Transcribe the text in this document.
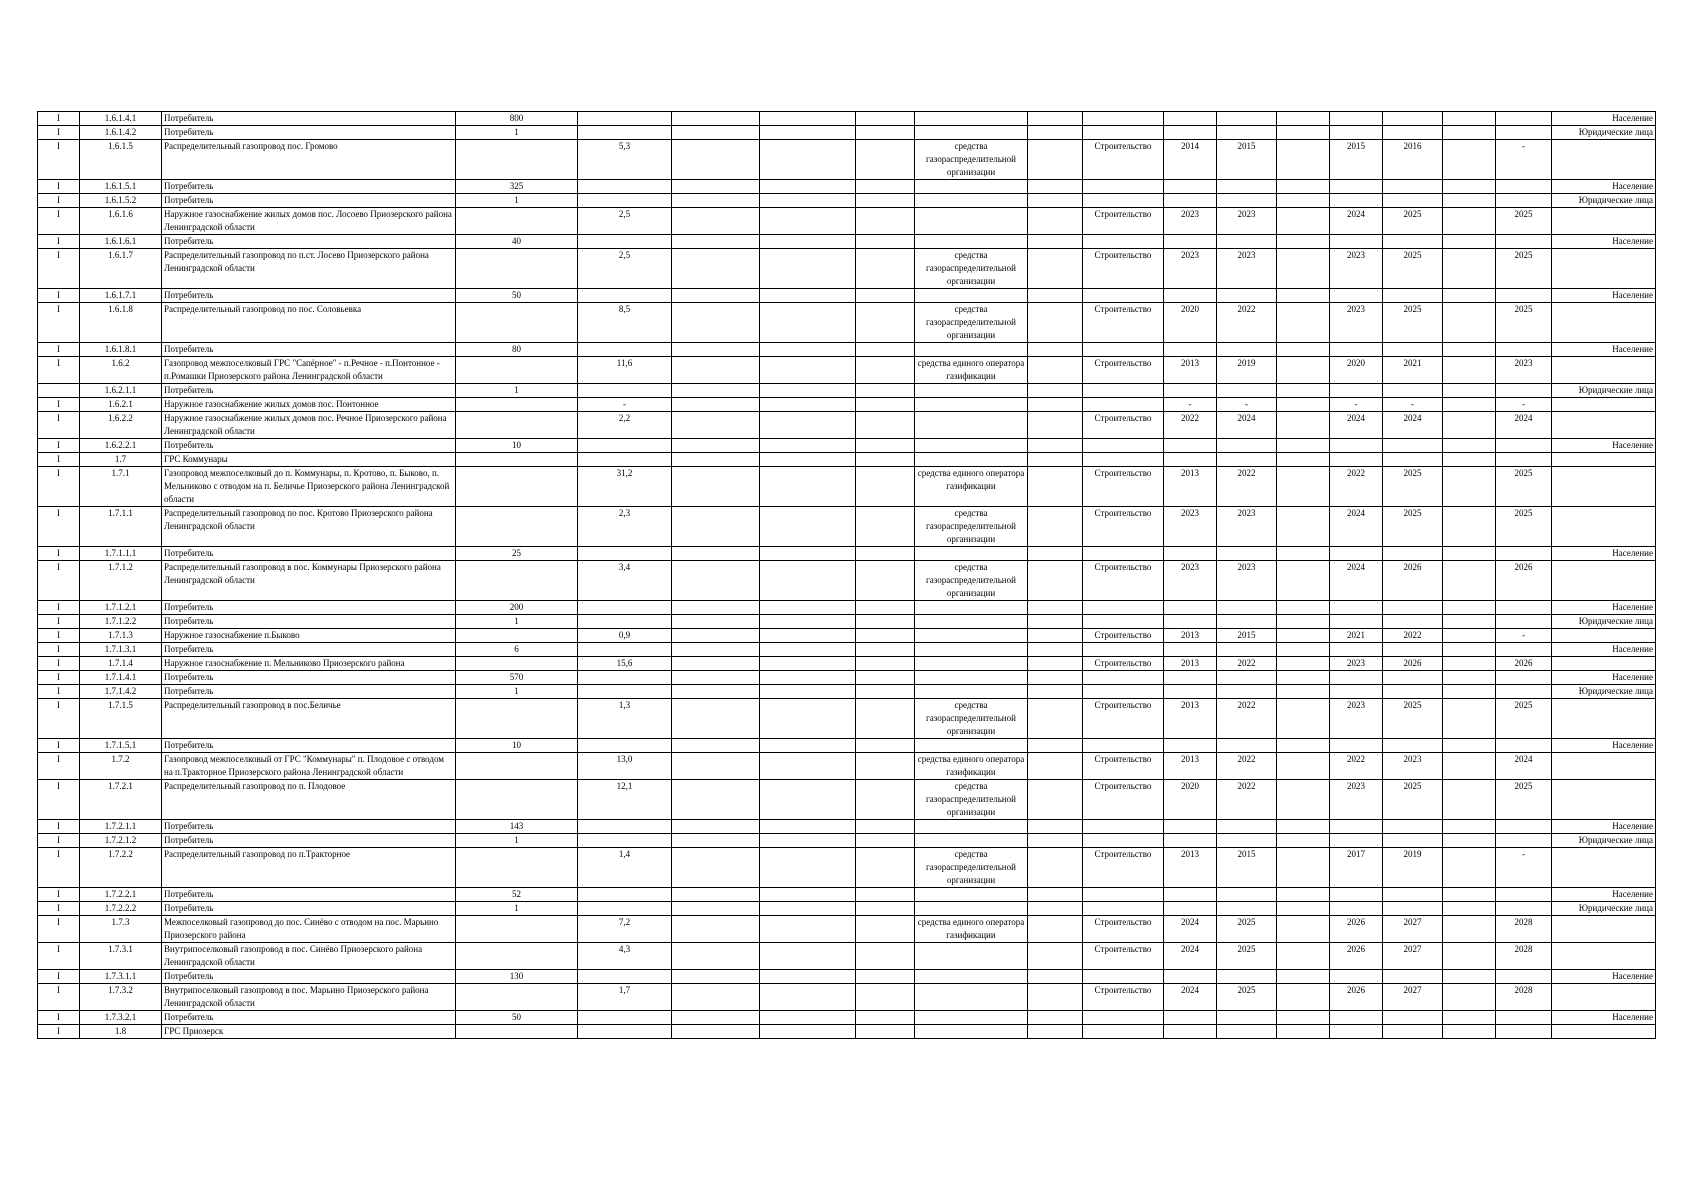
I	1.6.1.4.1	Потребитель	800															Население
I	1.6.1.4.2	Потребитель	1															Юридические лица
I	1.6.1.5	Распределительный газопровод пос. Громово		5,3				средства газораспределительной организации		Строительство	2014	2015		2015	2016		-	
I	1.6.1.5.1	Потребитель	325															Население
I	1.6.1.5.2	Потребитель	1															Юридические лица
I	1.6.1.6	Наружное газоснабжение жилых домов пос. Лосоево Приозерского района Ленинградской области		2,5						Строительство	2023	2023		2024	2025		2025	
I	1.6.1.6.1	Потребитель	40															Население
I	1.6.1.7	Распределительный газопровод по п.ст. Лосево Приозерского района Ленинградской области		2,5				средства газораспределительной организации		Строительство	2023	2023		2023	2025		2025	
I	1.6.1.7.1	Потребитель	50															Население
I	1.6.1.8	Распределительный газопровод по пос. Соловьевка		8,5				средства газораспределительной организации		Строительство	2020	2022		2023	2025		2025	
I	1.6.1.8.1	Потребитель	80															Население
I	1.6.2	Газопровод межпоселковый ГРС "Сапёрное" - п.Речное - п.Понтонное - п.Ромашки Приозерского района Ленинградской области		11,6				средства единого оператора газификации		Строительство	2013	2019		2020	2021		2023	
	1.6.2.1.1	Потребитель	1															Юридические лица
I	1.6.2.1	Наружное газоснабжение жилых домов пос. Понтонное		-							-	-		-	-		-	
I	1.6.2.2	Наружное газоснабжение жилых домов пос. Речное Приозерского района Ленинградской области		2,2						Строительство	2022	2024		2024	2024		2024	
I	1.6.2.2.1	Потребитель	10															Население
I	1.7	ГРС Коммунары																
I	1.7.1	Газопровод межпоселковый до п. Коммунары, п. Кротово, п. Быково, п. Мельниково с отводом на п. Беличье Приозерского района Ленинградской области		31,2				средства единого оператора газификации		Строительство	2013	2022		2022	2025		2025	
I	1.7.1.1	Распределительный газопровод по пос. Кротово Приозерского района Ленинградской области		2,3				средства газораспределительной организации		Строительство	2023	2023		2024	2025		2025	
I	1.7.1.1.1	Потребитель	25															Население
I	1.7.1.2	Распределительный газопровод в пос. Коммунары Приозерского района Ленинградской области		3,4				средства газораспределительной организации		Строительство	2023	2023		2024	2026		2026	
I	1.7.1.2.1	Потребитель	200															Население
I	1.7.1.2.2	Потребитель	1															Юридические лица
I	1.7.1.3	Наружное газоснабжение п.Быково		0,9						Строительство	2013	2015		2021	2022		-	
I	1.7.1.3.1	Потребитель	6															Население
I	1.7.1.4	Наружное газоснабжение п. Мельниково Приозерского района		15,6						Строительство	2013	2022		2023	2026		2026	
I	1.7.1.4.1	Потребитель	570															Население
I	1.7.1.4.2	Потребитель	1															Юридические лица
I	1.7.1.5	Распределительный газопровод в пос.Беличье		1,3				средства газораспределительной организации		Строительство	2013	2022		2023	2025		2025	
I	1.7.1.5.1	Потребитель	10															Население
I	1.7.2	Газопровод межпоселковый от ГРС "Коммунары" п. Плодовое с отводом на п.Тракторное Приозерского района Ленинградской области		13,0				средства единого оператора газификации		Строительство	2013	2022		2022	2023		2024	
I	1.7.2.1	Распределительный газопровод по п. Плодовое		12,1				средства газораспределительной организации		Строительство	2020	2022		2023	2025		2025	
I	1.7.2.1.1	Потребитель	143															Население
I	1.7.2.1.2	Потребитель	1															Юридические лица
I	1.7.2.2	Распределительный газопровод по п.Тракторное		1,4				средства газораспределительной организации		Строительство	2013	2015		2017	2019		-	
I	1.7.2.2.1	Потребитель	52															Население
I	1.7.2.2.2	Потребитель	1															Юридические лица
I	1.7.3	Межпоселковый газопровод до пос. Синёво с отводом на пос. Марьино Приозерского района		7,2				средства единого оператора газификации		Строительство	2024	2025		2026	2027		2028	
I	1.7.3.1	Внутрипоселковый газопровод в пос. Синёво Приозерского района Ленинградской области		4,3						Строительство	2024	2025		2026	2027		2028	
I	1.7.3.1.1	Потребитель	130															Население
I	1.7.3.2	Внутрипоселковый газопровод в пос. Марьино Приозерского района Ленинградской области		1,7						Строительство	2024	2025		2026	2027		2028	
I	1.7.3.2.1	Потребитель	50															Население
I	1.8	ГРС Приозерск																
